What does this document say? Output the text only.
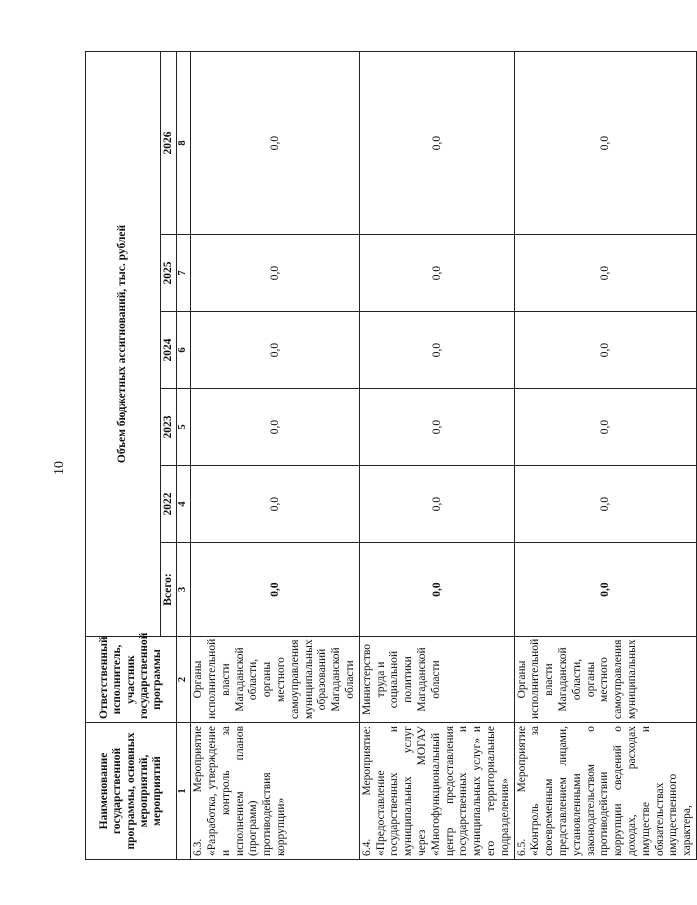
10
Наименование государственной программы, основных мероприятий, мероприятий	Ответственный исполнитель, участник государственной программы	Объем бюджетных ассигнований, тыс. рублей					
		Всего:	2022	2023	2024	2025	2026
1	2	3	4	5	6	7	8
6.3. Мероприятие «Разработка, утверждение и контроль за исполнением планов (программ) противодействия коррупции»	Органы исполнительной власти Магаданской области, органы местного самоуправления муниципальных образований Магаданской области	0,0	0,0	0,0	0,0	0,0	0,0
6.4. Мероприятие: «Предоставление государственных и муниципальных услуг через МОГАУ «Многофункциональный центр предоставления государственных и муниципальных услуг» и его территориальные подразделения»	Министерство труда и социальной политики Магаданской области	0,0	0,0	0,0	0,0	0,0	0,0
6.5. Мероприятие «Контроль за своевременным представлением лицами, установленными законодательством о противодействии коррупции сведений о доходах, расходах имуществе и обязательствах имущественного характера,	Органы исполнительной власти Магаданской области, органы местного самоуправления муниципальных	0,0	0,0	0,0	0,0	0,0	0,0
